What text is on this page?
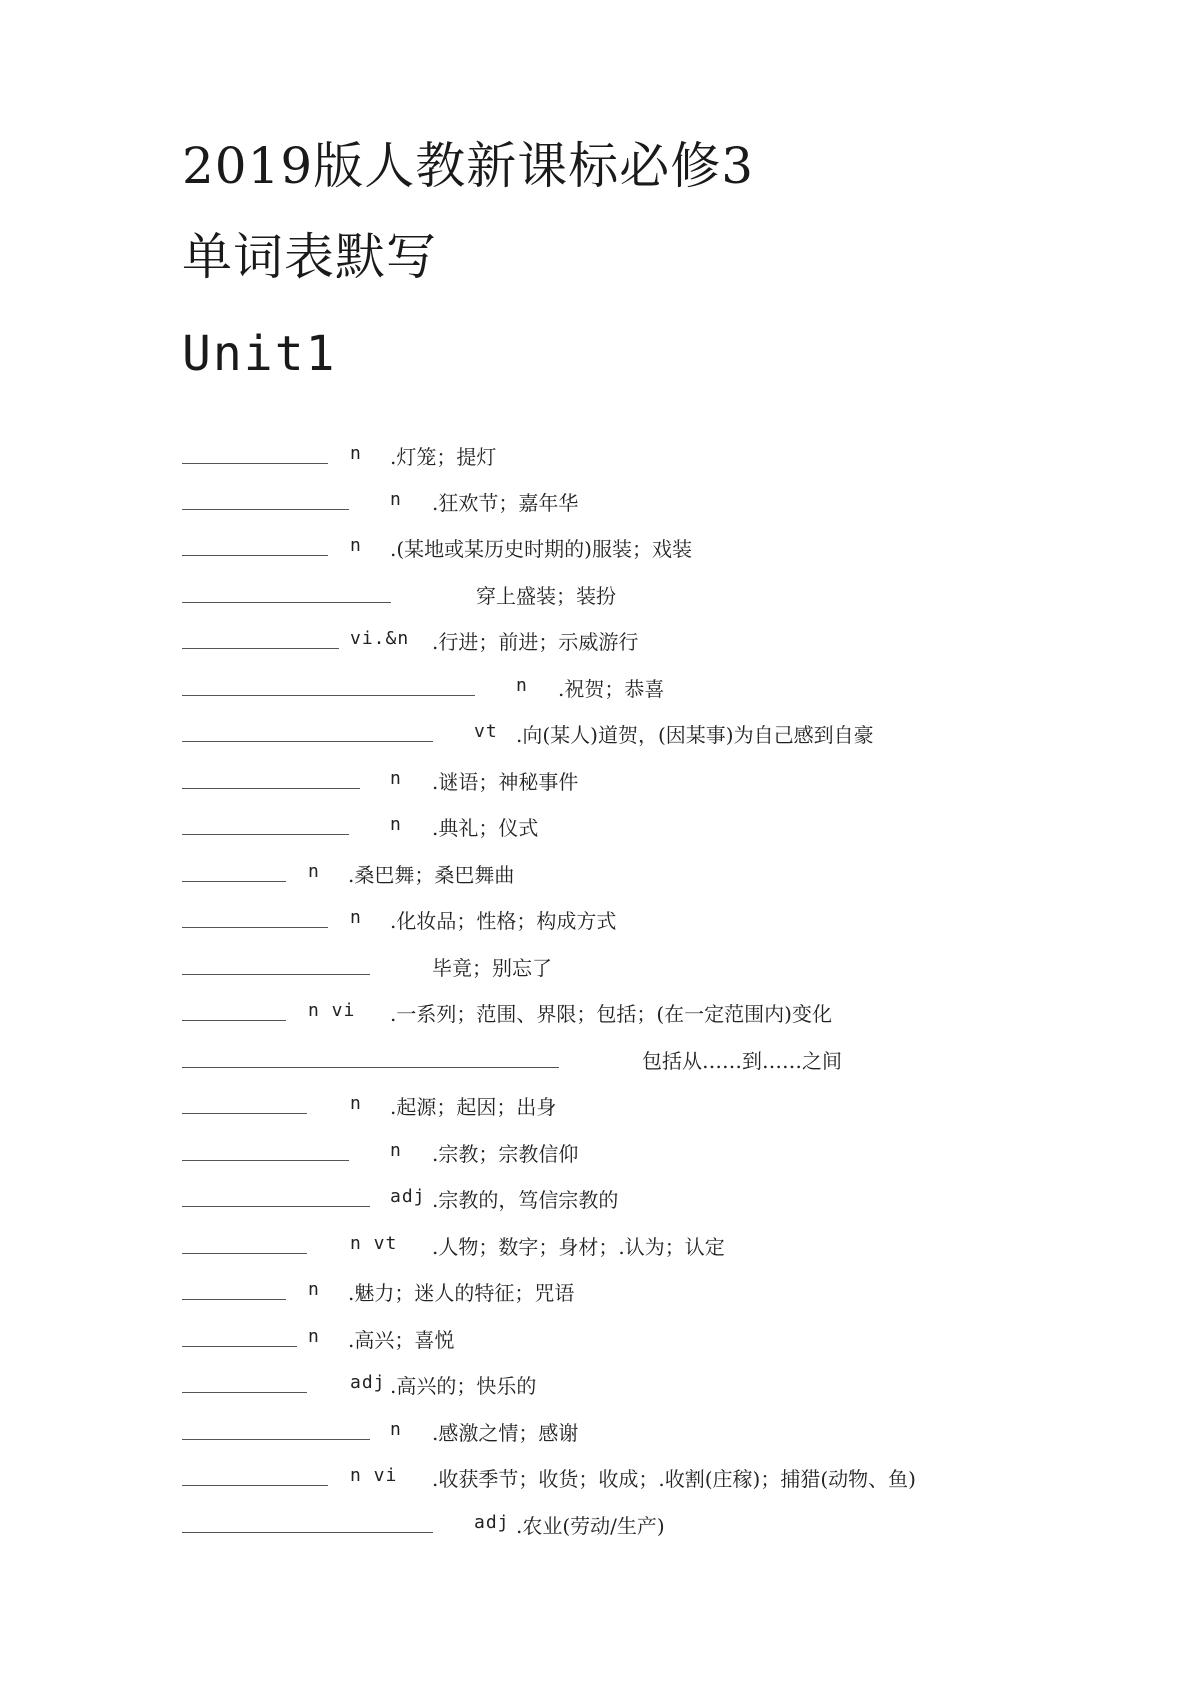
2019版人教新课标必修3
单词表默写
Unit1
n .灯笼；提灯
n .狂欢节；嘉年华
n .(某地或某历史时期的)服装；戏装
穿上盛装；装扮
vi.&n .行进；前进；示威游行
n .祝贺；恭喜
vt .向(某人)道贺，(因某事)为自己感到自豪
n .谜语；神秘事件
n .典礼；仪式
n .桑巴舞；桑巴舞曲
n .化妆品；性格；构成方式
毕竟；别忘了
n vi .一系列；范围、界限；包括；(在一定范围内)变化
包括从……到……之间
n .起源；起因；出身
n .宗教；宗教信仰
adj .宗教的，笃信宗教的
n vt .人物；数字；身材；.认为；认定
n .魅力；迷人的特征；咒语
n .高兴；喜悦
adj .高兴的；快乐的
n .感激之情；感谢
n vi .收获季节；收货；收成；.收割(庄稼)；捕猎(动物、鱼)
adj .农业(劳动/生产)
